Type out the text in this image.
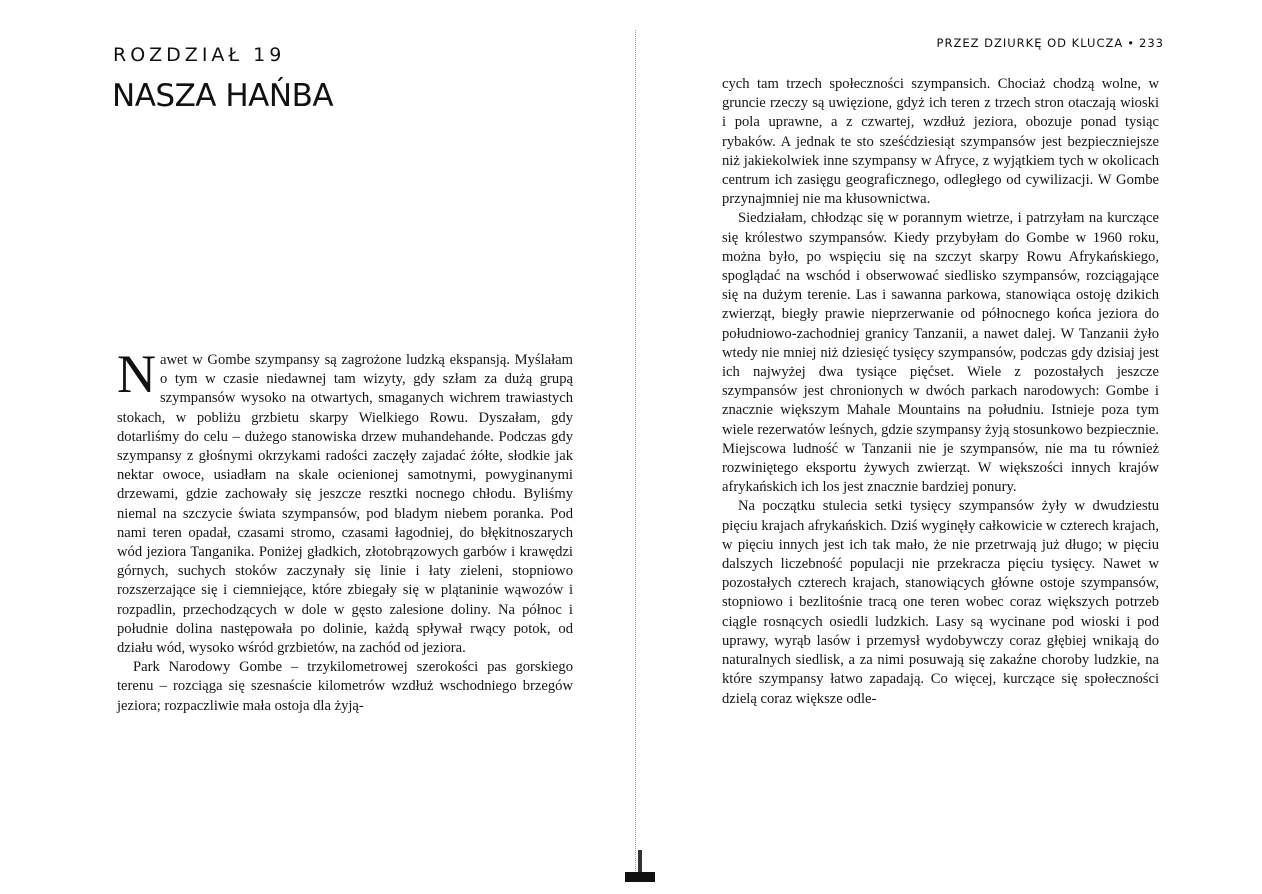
ROZDZIAŁ 19
NASZA HAŃBA

Nawet w Gombe szympansy są zagrożone ludzką ekspansją. Myślałam o tym w czasie niedawnej tam wizyty, gdy szłam za dużą grupą szympansów wysoko na otwartych, smaganych wichrem trawiastych stokach, w pobliżu grzbietu skarpy Wielkiego Rowu. Dyszałam, gdy dotarliśmy do celu – dużego stanowiska drzew muhandehande. Podczas gdy szympansy z głośnymi okrzykami radości zaczęły zajadać żółte, słodkie jak nektar owoce, usiadłam na skale ocienionej samotnymi, powyginanymi drzewami, gdzie zachowały się jeszcze resztki nocnego chłodu. Byliśmy niemal na szczycie świata szympansów, pod bladym niebem poranka. Pod nami teren opadał, czasami stromo, czasami łagodniej, do błękitnoszarych wód jeziora Tanganika. Poniżej gładkich, złotobrązowych garbów i krawędzi górnych, suchych stoków zaczynały się linie i łaty zieleni, stopniowo rozszerzające się i ciemniejące, które zbiegały się w plątaninie wąwozów i rozpadlin, przechodzących w dole w gęsto zalesione doliny. Na północ i południe dolina następowała po dolinie, każdą spływał rwący potok, od działu wód, wysoko wśród grzbietów, na zachód od jeziora.

Park Narodowy Gombe – trzykilometrowej szerokości pas gorskiego terenu – rozciąga się szesnaście kilometrów wzdłuż wschodniego brzegów jeziora; rozpaczliwie mała ostoja dla żyją-

PRZEZ DZIURKĘ OD KLUCZA • 233

cych tam trzech społeczności szympansich. Chociaż chodzą wolne, w gruncie rzeczy są uwięzione, gdyż ich teren z trzech stron otaczają wioski i pola uprawne, a z czwartej, wzdłuż jeziora, obozuje ponad tysiąc rybaków. A jednak te sto sześćdziesiąt szympansów jest bezpieczniejsze niż jakiekolwiek inne szympansy w Afryce, z wyjątkiem tych w okolicach centrum ich zasięgu geograficznego, odległego od cywilizacji. W Gombe przynajmniej nie ma kłusownictwa.

Siedziałam, chłodząc się w porannym wietrze, i patrzyłam na kurczące się królestwo szympansów. Kiedy przybyłam do Gombe w 1960 roku, można było, po wspięciu się na szczyt skarpy Rowu Afrykańskiego, spoglądać na wschód i obserwować siedlisko szympansów, rozciągające się na dużym terenie. Las i sawanna parkowa, stanowiąca ostoję dzikich zwierząt, biegły prawie nieprzerwanie od północnego końca jeziora do południowo-zachodniej granicy Tanzanii, a nawet dalej. W Tanzanii żyło wtedy nie mniej niż dziesięć tysięcy szympansów, podczas gdy dzisiaj jest ich najwyżej dwa tysiące pięćset. Wiele z pozostałych jeszcze szympansów jest chronionych w dwóch parkach narodowych: Gombe i znacznie większym Mahale Mountains na południu. Istnieje poza tym wiele rezerwatów leśnych, gdzie szympansy żyją stosunkowo bezpiecznie. Miejscowa ludność w Tanzanii nie je szympansów, nie ma tu również rozwiniętego eksportu żywych zwierząt. W większości innych krajów afrykańskich ich los jest znacznie bardziej ponury.

Na początku stulecia setki tysięcy szympansów żyły w dwudziestu pięciu krajach afrykańskich. Dziś wyginęły całkowicie w czterech krajach, w pięciu innych jest ich tak mało, że nie przetrwają już długo; w pięciu dalszych liczebność populacji nie przekracza pięciu tysięcy. Nawet w pozostałych czterech krajach, stanowiących główne ostoje szympansów, stopniowo i bezlitośnie tracą one teren wobec coraz większych potrzeb ciągle rosnących osiedli ludzkich. Lasy są wycinane pod wioski i pod uprawy, wyrąb lasów i przemysł wydobywczy coraz głębiej wnikają do naturalnych siedlisk, a za nimi posuwają się zakaźne choroby ludzkie, na które szympansy łatwo zapadają. Co więcej, kurczące się społeczności dzielą coraz większe odle-
